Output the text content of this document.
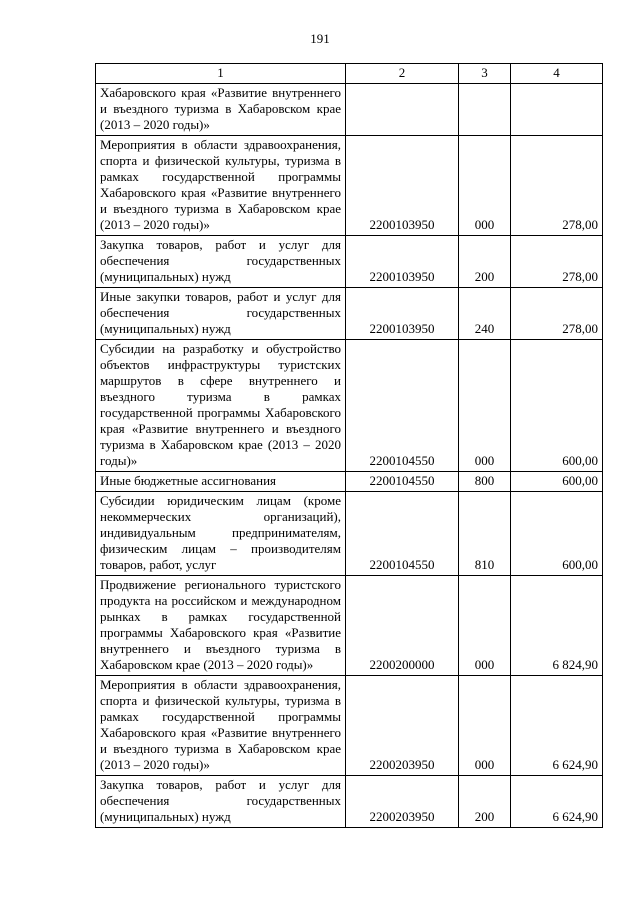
191
1	2	3	4
Хабаровского края «Развитие внутреннего и въездного туризма в Хабаровском крае (2013 – 2020 годы)»			
Мероприятия в области здравоохранения, спорта и физической культуры, туризма в рамках государственной программы Хабаровского края «Развитие внутреннего и въездного туризма в Хабаровском крае (2013 – 2020 годы)»	2200103950	000	278,00
Закупка товаров, работ и услуг для обеспечения государственных (муниципальных) нужд	2200103950	200	278,00
Иные закупки товаров, работ и услуг для обеспечения государственных (муниципальных) нужд	2200103950	240	278,00
Субсидии на разработку и обустройство объектов инфраструктуры туристских маршрутов в сфере внутреннего и въездного туризма в рамках государственной программы Хабаровского края «Развитие внутреннего и въездного туризма в Хабаровском крае (2013 – 2020 годы)»	2200104550	000	600,00
Иные бюджетные ассигнования	2200104550	800	600,00
Субсидии юридическим лицам (кроме некоммерческих организаций), индивидуальным предпринимателям, физическим лицам – производителям товаров, работ, услуг	2200104550	810	600,00
Продвижение регионального туристского продукта на российском и международном рынках в рамках государственной программы Хабаровского края «Развитие внутреннего и въездного туризма в Хабаровском крае (2013 – 2020 годы)»	2200200000	000	6 824,90
Мероприятия в области здравоохранения, спорта и физической культуры, туризма в рамках государственной программы Хабаровского края «Развитие внутреннего и въездного туризма в Хабаровском крае (2013 – 2020 годы)»	2200203950	000	6 624,90
Закупка товаров, работ и услуг для обеспечения государственных (муниципальных) нужд	2200203950	200	6 624,90
